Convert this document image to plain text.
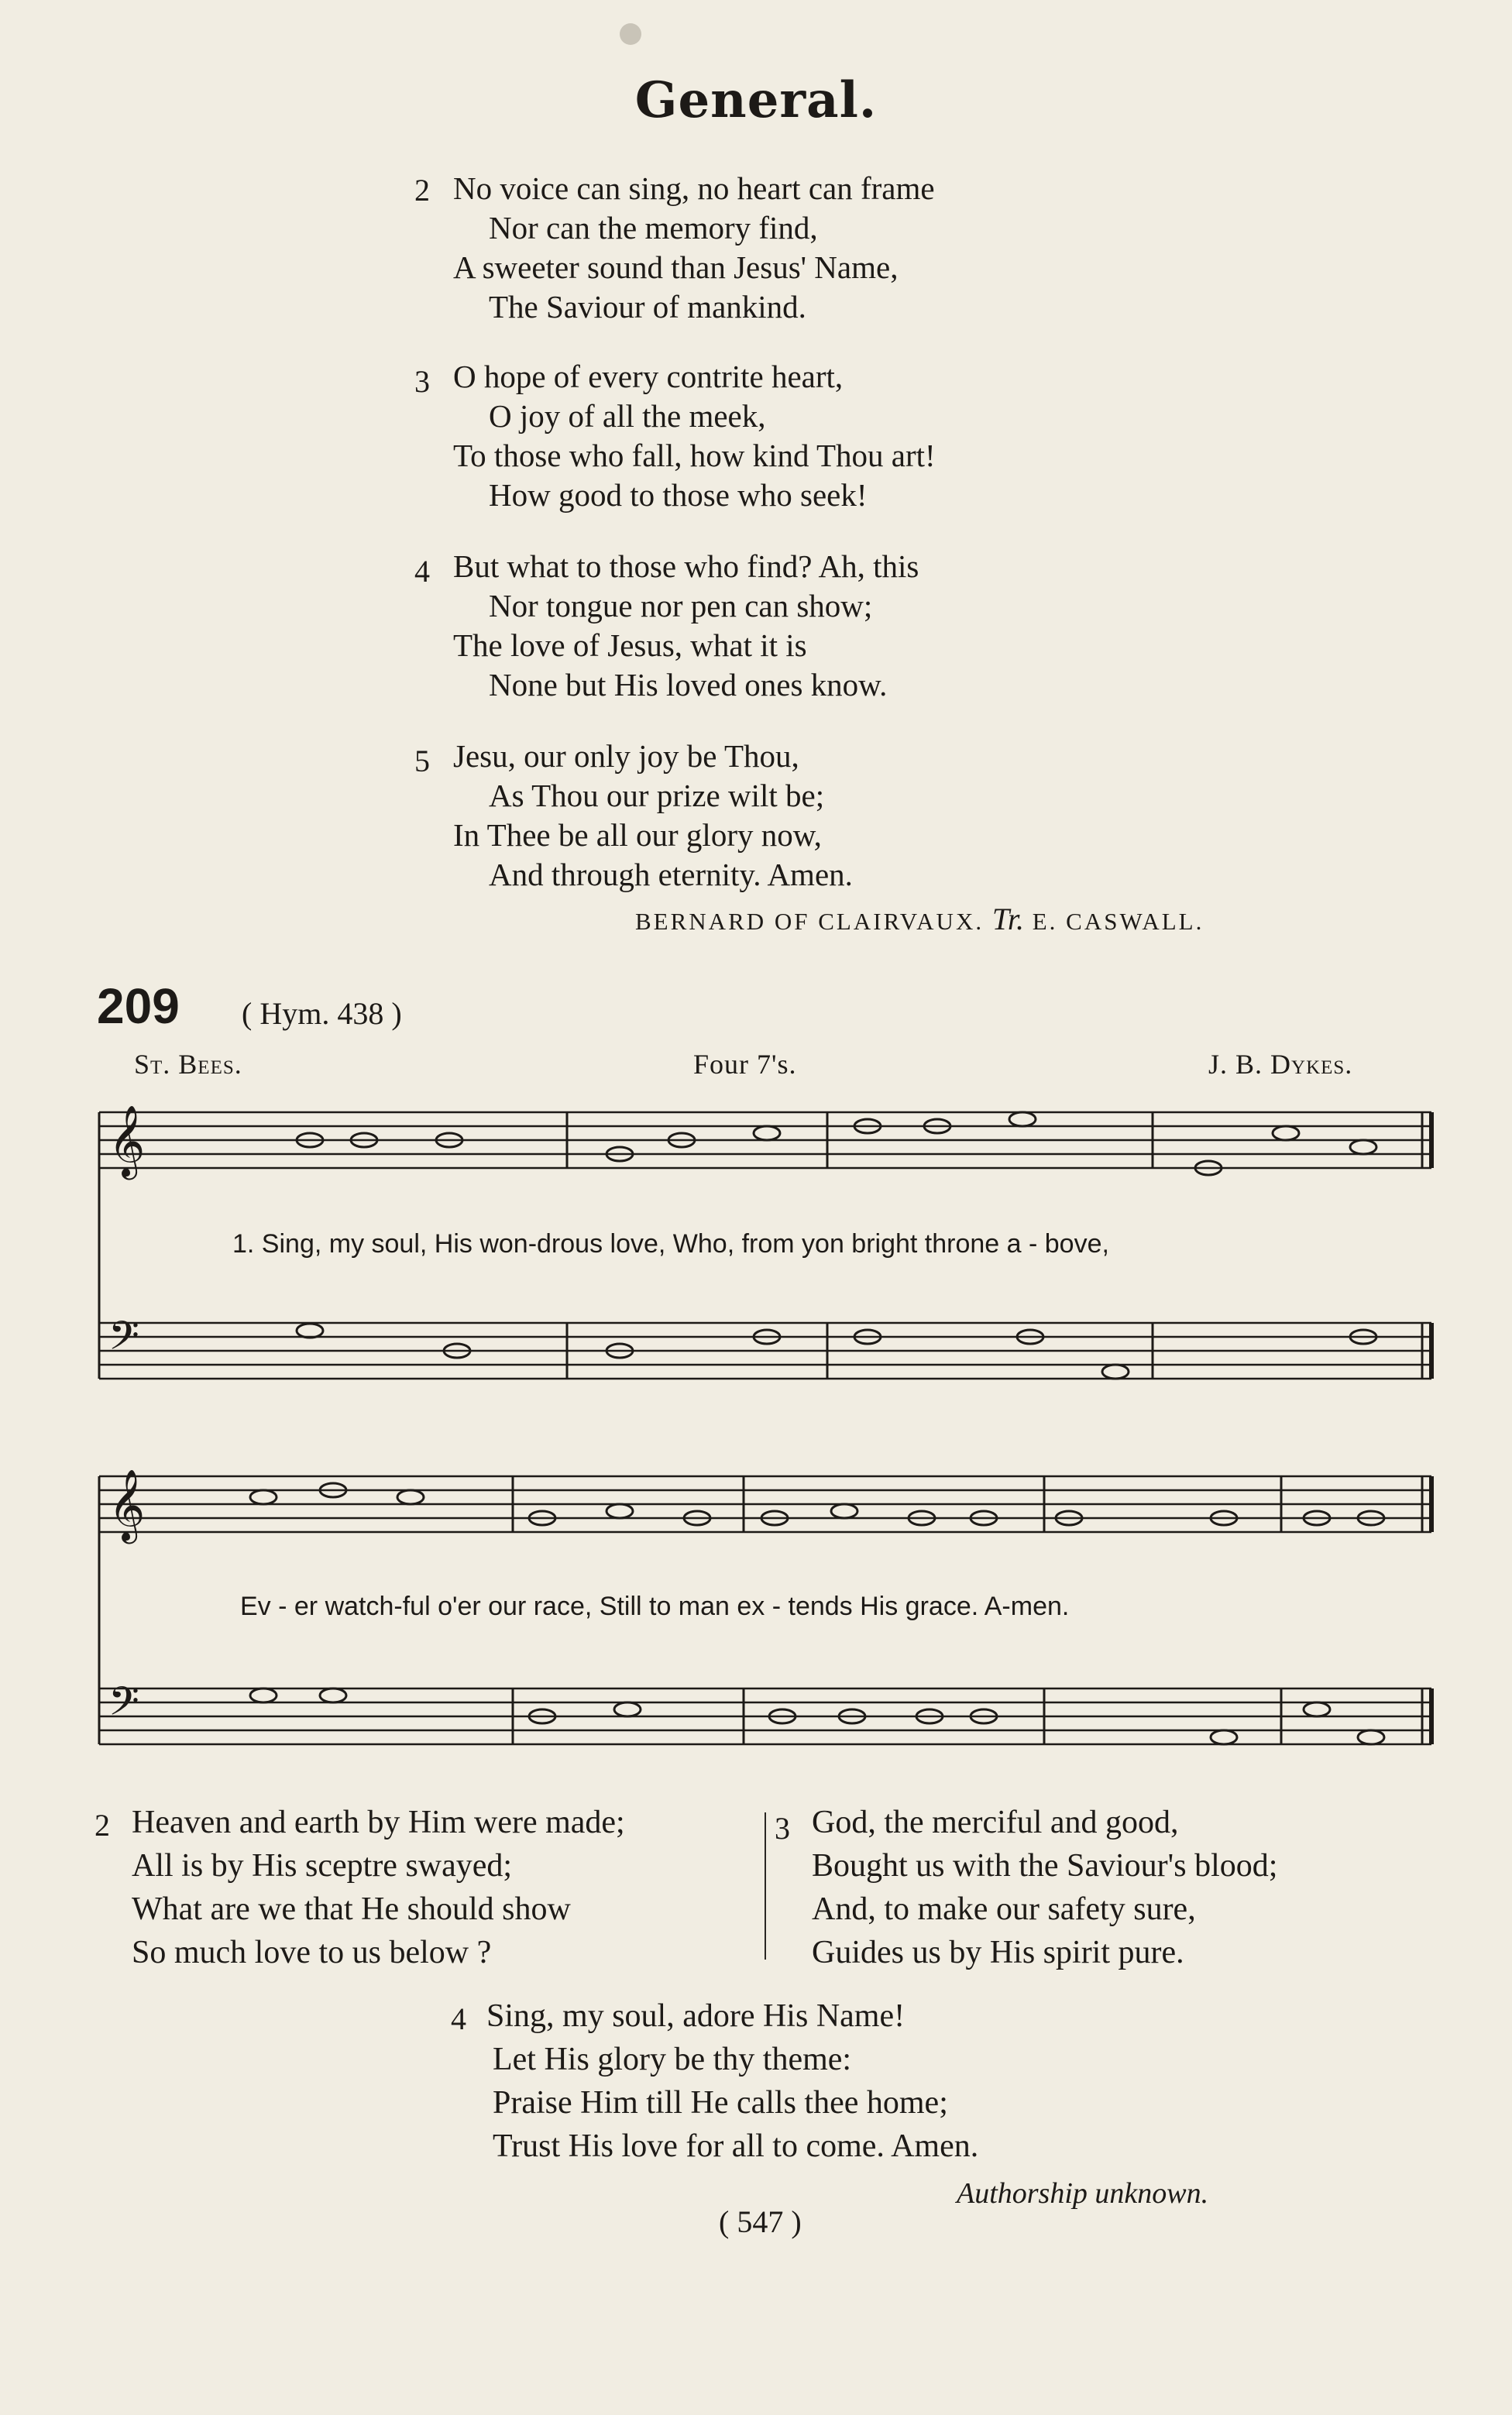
General.
2 No voice can sing, no heart can frame
Nor can the memory find,
A sweeter sound than Jesus' Name,
The Saviour of mankind.
3 O hope of every contrite heart,
O joy of all the meek,
To those who fall, how kind Thou art!
How good to those who seek!
4 But what to those who find? Ah, this
Nor tongue nor pen can show;
The love of Jesus, what it is
None but His loved ones know.
5 Jesu, our only joy be Thou,
As Thou our prize wilt be;
In Thee be all our glory now,
And through eternity. Amen.
BERNARD OF CLAIRVAUX. Tr. E. CASWALL.
209 ( Hym. 438 )
St. Bees.	Four 7's.	J. B. Dykes.
𝄞
𝄢
𝄞
𝄢
1. Sing, my soul, His won-drous love, Who, from yon bright throne a - bove,
Ev - er watch-ful o'er our race, Still to man ex - tends His grace. A-men.
2 Heaven and earth by Him were made;
All is by His sceptre swayed;
What are we that He should show
So much love to us below ?
3 God, the merciful and good,
Bought us with the Saviour's blood;
And, to make our safety sure,
Guides us by His spirit pure.
4 Sing, my soul, adore His Name!
Let His glory be thy theme:
Praise Him till He calls thee home;
Trust His love for all to come. Amen.
Authorship unknown.
( 547 )
